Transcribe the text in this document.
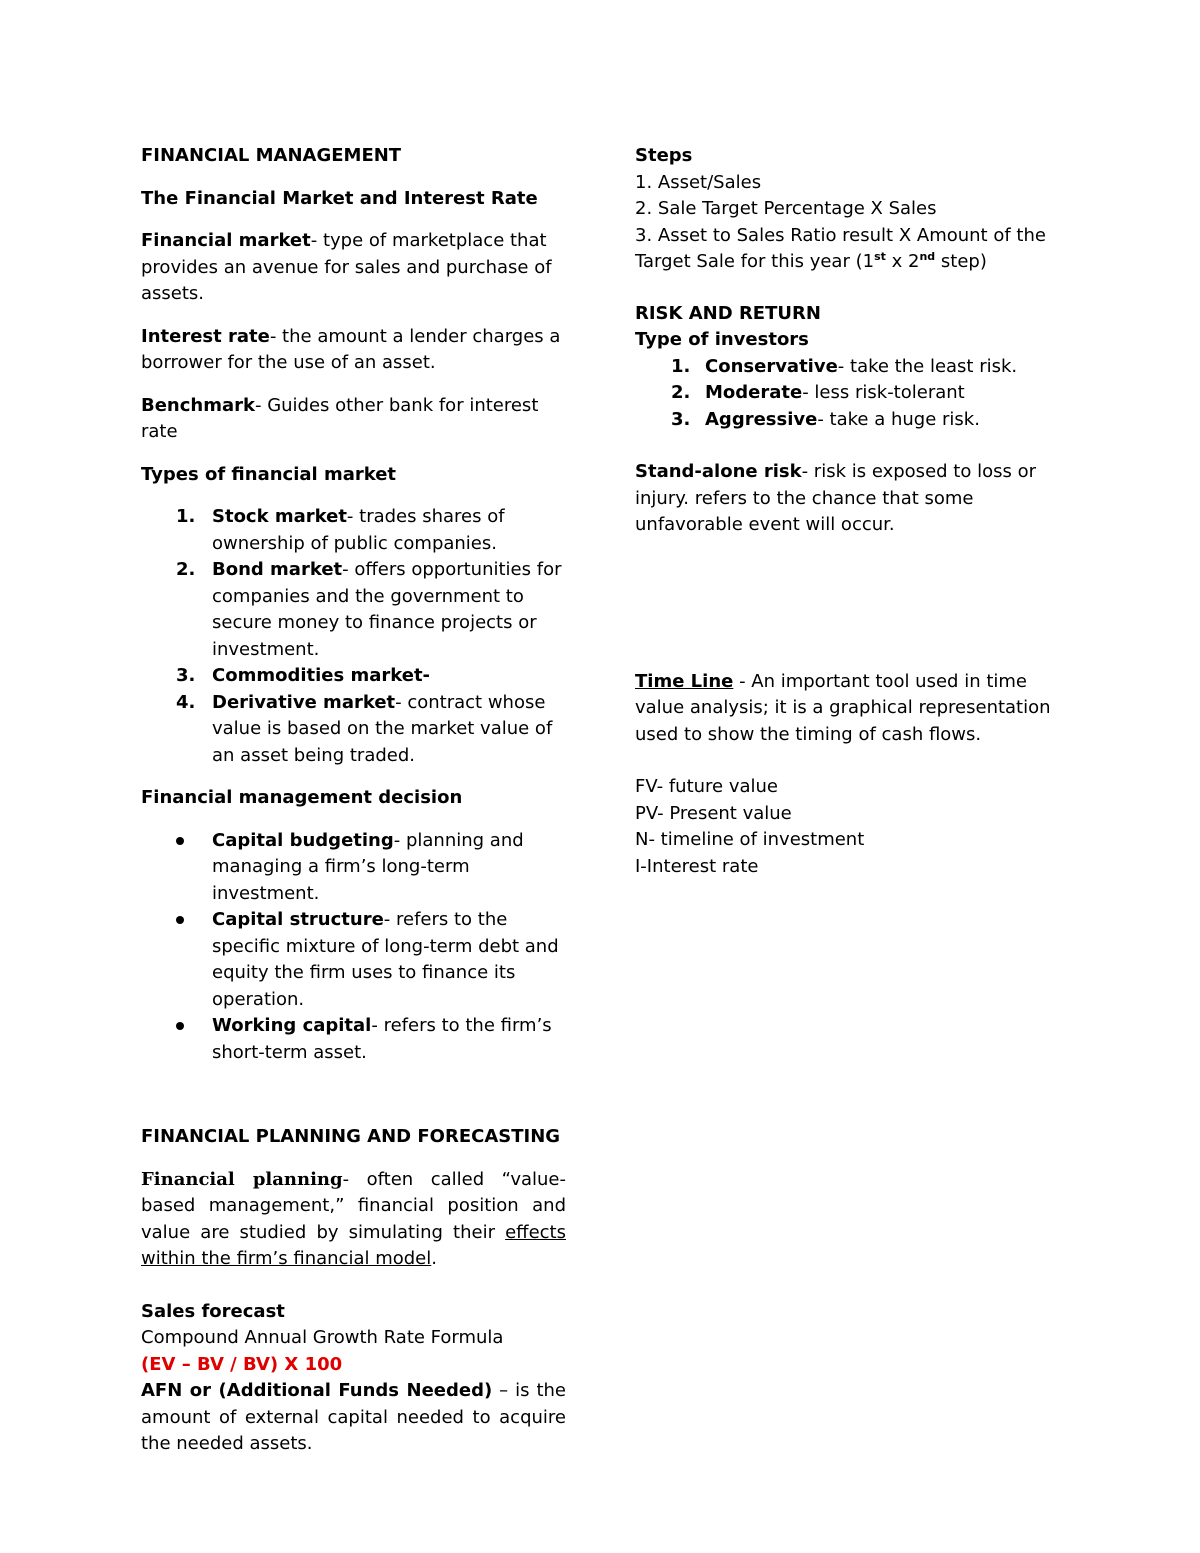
FINANCIAL MANAGEMENT

The Financial Market and Interest Rate

Financial market- type of marketplace that provides an avenue for sales and purchase of assets.

Interest rate- the amount a lender charges a borrower for the use of an asset.

Benchmark- Guides other bank for interest rate

Types of financial market

1. Stock market- trades shares of ownership of public companies.
2. Bond market- offers opportunities for companies and the government to secure money to finance projects or investment.
3. Commodities market-
4. Derivative market- contract whose value is based on the market value of an asset being traded.

Financial management decision

Capital budgeting- planning and managing a firm’s long-term investment.
Capital structure- refers to the specific mixture of long-term debt and equity the firm uses to finance its operation.
Working capital- refers to the firm’s short-term asset.

FINANCIAL PLANNING AND FORECASTING

Financial planning- often called “value-based management,” financial position and value are studied by simulating their effects within the firm’s financial model.

Sales forecast

Compound Annual Growth Rate Formula

(EV – BV / BV) X 100

AFN or (Additional Funds Needed) – is the amount of external capital needed to acquire the needed assets.

Steps

1. Asset/Sales

2. Sale Target Percentage X Sales

3. Asset to Sales Ratio result X Amount of the

Target Sale for this year (1st x 2nd step)

RISK AND RETURN

Type of investors

1. Conservative- take the least risk.
2. Moderate- less risk-tolerant
3. Aggressive- take a huge risk.

Stand-alone risk- risk is exposed to loss or injury. refers to the chance that some unfavorable event will occur.

Time Line - An important tool used in time value analysis; it is a graphical representation used to show the timing of cash flows.

FV- future value

PV- Present value

N- timeline of investment

I-Interest rate
